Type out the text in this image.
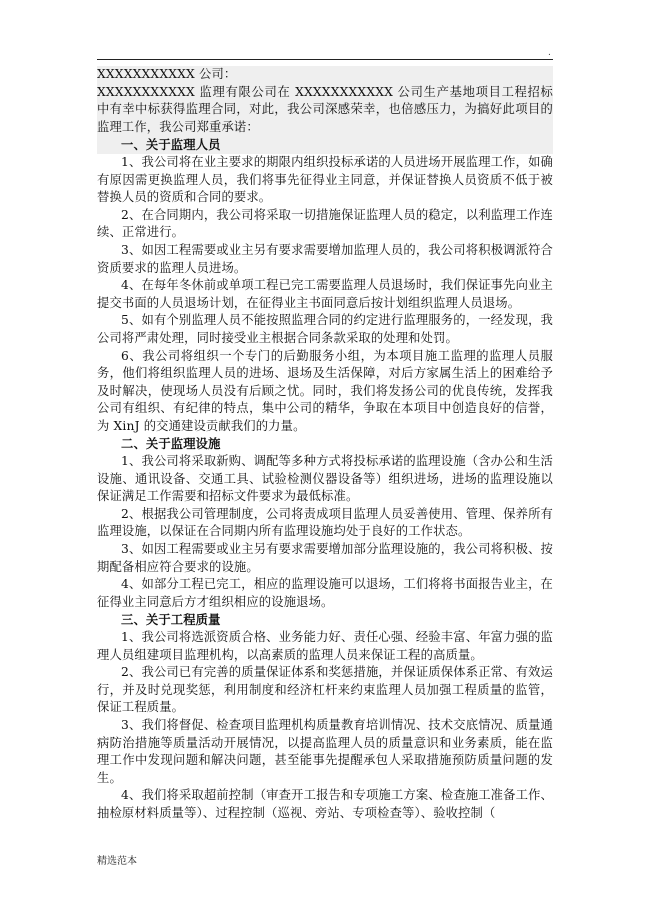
.

XXXXXXXXXXX 公司：

XXXXXXXXXXX 监理有限公司在 XXXXXXXXXXX 公司生产基地项目工程招标中有幸中标获得监理合同，对此，我公司深感荣幸，也倍感压力，为搞好此项目的监理工作，我公司郑重承诺：

一、关于监理人员

1、我公司将在业主要求的期限内组织投标承诺的人员进场开展监理工作，如确有原因需更换监理人员，我们将事先征得业主同意，并保证替换人员资质不低于被替换人员的资质和合同的要求。

2、在合同期内，我公司将采取一切措施保证监理人员的稳定，以利监理工作连续、正常进行。

3、如因工程需要或业主另有要求需要增加监理人员的，我公司将积极调派符合资质要求的监理人员进场。

4、在每年冬休前或单项工程已完工需要监理人员退场时，我们保证事先向业主提交书面的人员退场计划，在征得业主书面同意后按计划组织监理人员退场。

5、如有个别监理人员不能按照监理合同的约定进行监理服务的，一经发现，我公司将严肃处理，同时接受业主根据合同条款采取的处理和处罚。

6、我公司将组织一个专门的后勤服务小组，为本项目施工监理的监理人员服务，他们将组织监理人员的进场、退场及生活保障，对后方家属生活上的困难给予及时解决，使现场人员没有后顾之忧。同时，我们将发扬公司的优良传统，发挥我公司有组织、有纪律的特点，集中公司的精华，争取在本项目中创造良好的信誉，为 XinJ 的交通建设贡献我们的力量。

二、关于监理设施

1、我公司将采取新购、调配等多种方式将投标承诺的监理设施（含办公和生活设施、通讯设备、交通工具、试验检测仪器设备等）组织进场，进场的监理设施以保证满足工作需要和招标文件要求为最低标准。

2、根据我公司管理制度，公司将责成项目监理人员妥善使用、管理、保养所有监理设施，以保证在合同期内所有监理设施均处于良好的工作状态。

3、如因工程需要或业主另有要求需要增加部分监理设施的，我公司将积极、按期配备相应符合要求的设施。

4、如部分工程已完工，相应的监理设施可以退场，工们将将书面报告业主，在征得业主同意后方才组织相应的设施退场。

三、关于工程质量

1、我公司将选派资质合格、业务能力好、责任心强、经验丰富、年富力强的监理人员组建项目监理机构，以高素质的监理人员来保证工程的高质量。

2、我公司已有完善的质量保证体系和奖惩措施，并保证质保体系正常、有效运行，并及时兑现奖惩，利用制度和经济杠杆来约束监理人员加强工程质量的监管，保证工程质量。

3、我们将督促、检查项目监理机构质量教育培训情况、技术交底情况、质量通病防治措施等质量活动开展情况，以提高监理人员的质量意识和业务素质，能在监理工作中发现问题和解决问题，甚至能事先提醒承包人采取措施预防质量问题的发生。

4、我们将采取超前控制（审查开工报告和专项施工方案、检查施工准备工作、抽检原材料质量等）、过程控制（巡视、旁站、专项检查等）、验收控制（

精选范本
